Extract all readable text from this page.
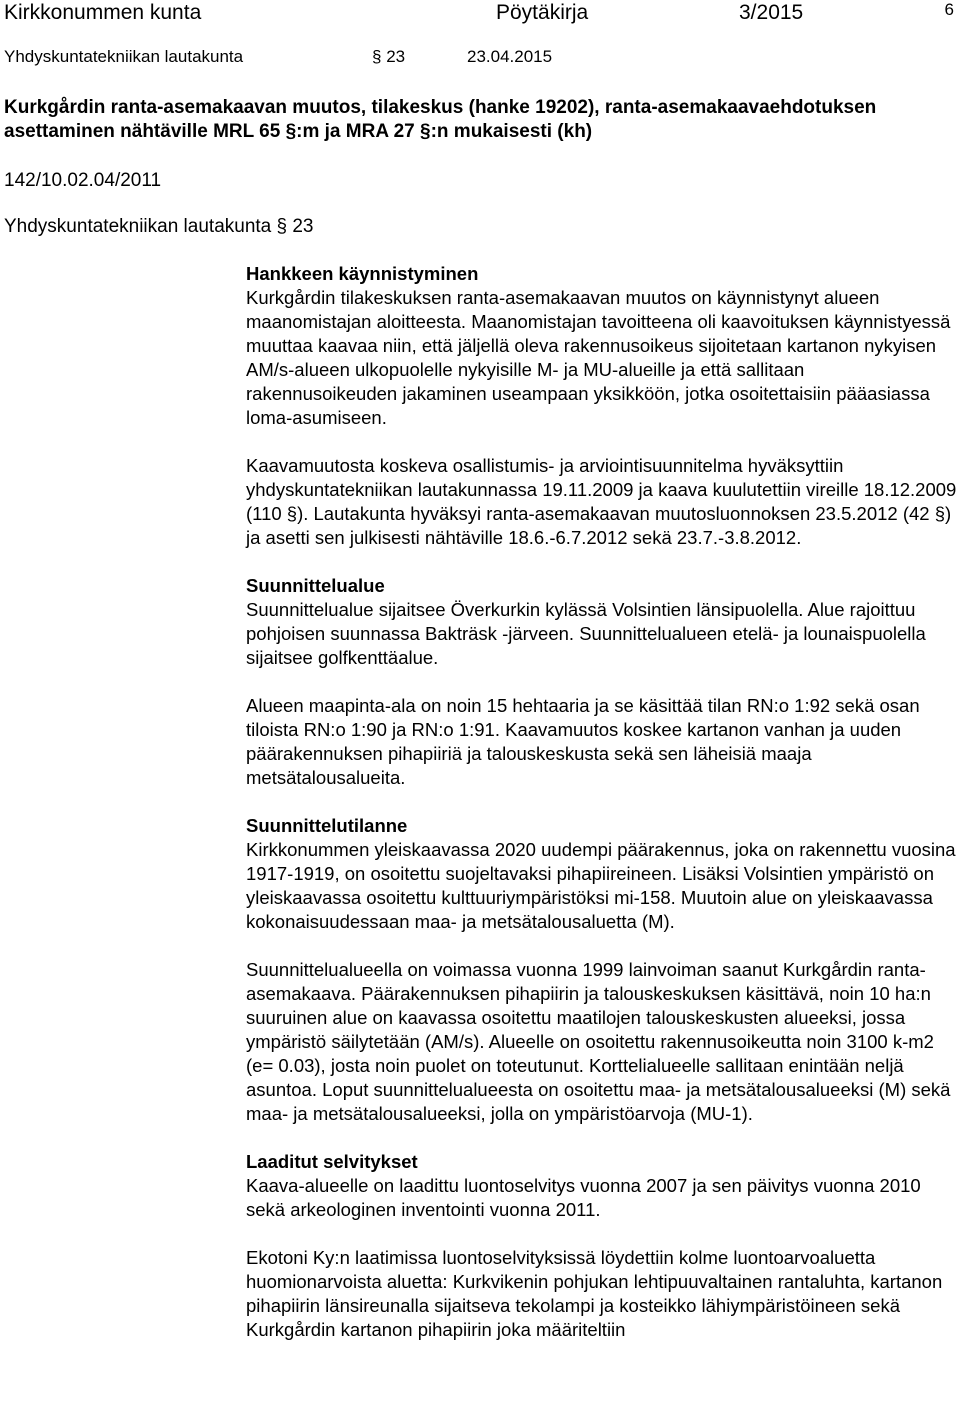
Kirkkonummen kunta	Pöytäkirja	3/2015	6
Yhdyskuntatekniikan lautakunta	§ 23	23.04.2015
Kurkgårdin ranta-asemakaavan muutos, tilakeskus (hanke 19202), ranta-asemakaavaehdotuksen asettaminen nähtäville MRL 65 §:m ja MRA 27 §:n mukaisesti (kh)
142/10.02.04/2011
Yhdyskuntatekniikan lautakunta § 23
Hankkeen käynnistyminen

Kurkgårdin tilakeskuksen ranta-asemakaavan muutos on käynnistynyt alueen maanomistajan aloitteesta. Maanomistajan tavoitteena oli kaavoituksen käynnistyessä muuttaa kaavaa niin, että jäljellä oleva rakennusoikeus sijoitetaan kartanon nykyisen AM/s-alueen ulkopuolelle nykyisille M- ja MU-alueille ja että sallitaan rakennusoikeuden jakaminen useampaan yksikköön, jotka osoitettaisiin pääasiassa loma-asumiseen.

Kaavamuutosta koskeva osallistumis- ja arviointisuunnitelma hyväksyttiin yhdyskuntatekniikan lautakunnassa 19.11.2009 ja kaava kuulutettiin vireille 18.12.2009 (110 §). Lautakunta hyväksyi ranta-asemakaavan muutosluonnoksen 23.5.2012 (42 §) ja asetti sen julkisesti nähtäville 18.6.-6.7.2012 sekä 23.7.-3.8.2012.

Suunnittelualue

Suunnittelualue sijaitsee Överkurkin kylässä Volsintien länsipuolella. Alue rajoittuu pohjoisen suunnassa Bakträsk -järveen. Suunnittelualueen etelä- ja lounaispuolella sijaitsee golfkenttäalue.

Alueen maapinta-ala on noin 15 hehtaaria ja se käsittää tilan RN:o 1:92 sekä osan tiloista RN:o 1:90 ja RN:o 1:91. Kaavamuutos koskee kartanon vanhan ja uuden päärakennuksen pihapiiriä ja talouskeskusta sekä sen läheisiä maaja metsätalousalueita.

Suunnittelutilanne

Kirkkonummen yleiskaavassa 2020 uudempi päärakennus, joka on rakennettu vuosina 1917-1919, on osoitettu suojeltavaksi pihapiireineen. Lisäksi Volsintien ympäristö on yleiskaavassa osoitettu kulttuuriympäristöksi mi-158. Muutoin alue on yleiskaavassa kokonaisuudessaan maa- ja metsätalousaluetta (M).

Suunnittelualueella on voimassa vuonna 1999 lainvoiman saanut Kurkgårdin ranta-asemakaava. Päärakennuksen pihapiirin ja talouskeskuksen käsittävä, noin 10 ha:n suuruinen alue on kaavassa osoitettu maatilojen talouskeskusten alueeksi, jossa ympäristö säilytetään (AM/s). Alueelle on osoitettu rakennusoikeutta noin 3100 k-m2 (e= 0.03), josta noin puolet on toteutunut. Korttelialueelle sallitaan enintään neljä asuntoa. Loput suunnittelualueesta on osoitettu maa- ja metsätalousalueeksi (M) sekä maa- ja metsätalousalueeksi, jolla on ympäristöarvoja (MU-1).

Laaditut selvitykset

Kaava-alueelle on laadittu luontoselvitys vuonna 2007 ja sen päivitys vuonna 2010 sekä arkeologinen inventointi vuonna 2011.

Ekotoni Ky:n laatimissa luontoselvityksissä löydettiin kolme luontoarvoaluetta huomionarvoista aluetta: Kurkvikenin pohjukan lehtipuuvaltainen rantaluhta, kartanon pihapiirin länsireunalla sijaitseva tekolampi ja kosteikko lähiympäristöineen sekä Kurkgårdin kartanon pihapiirin joka määriteltiin
